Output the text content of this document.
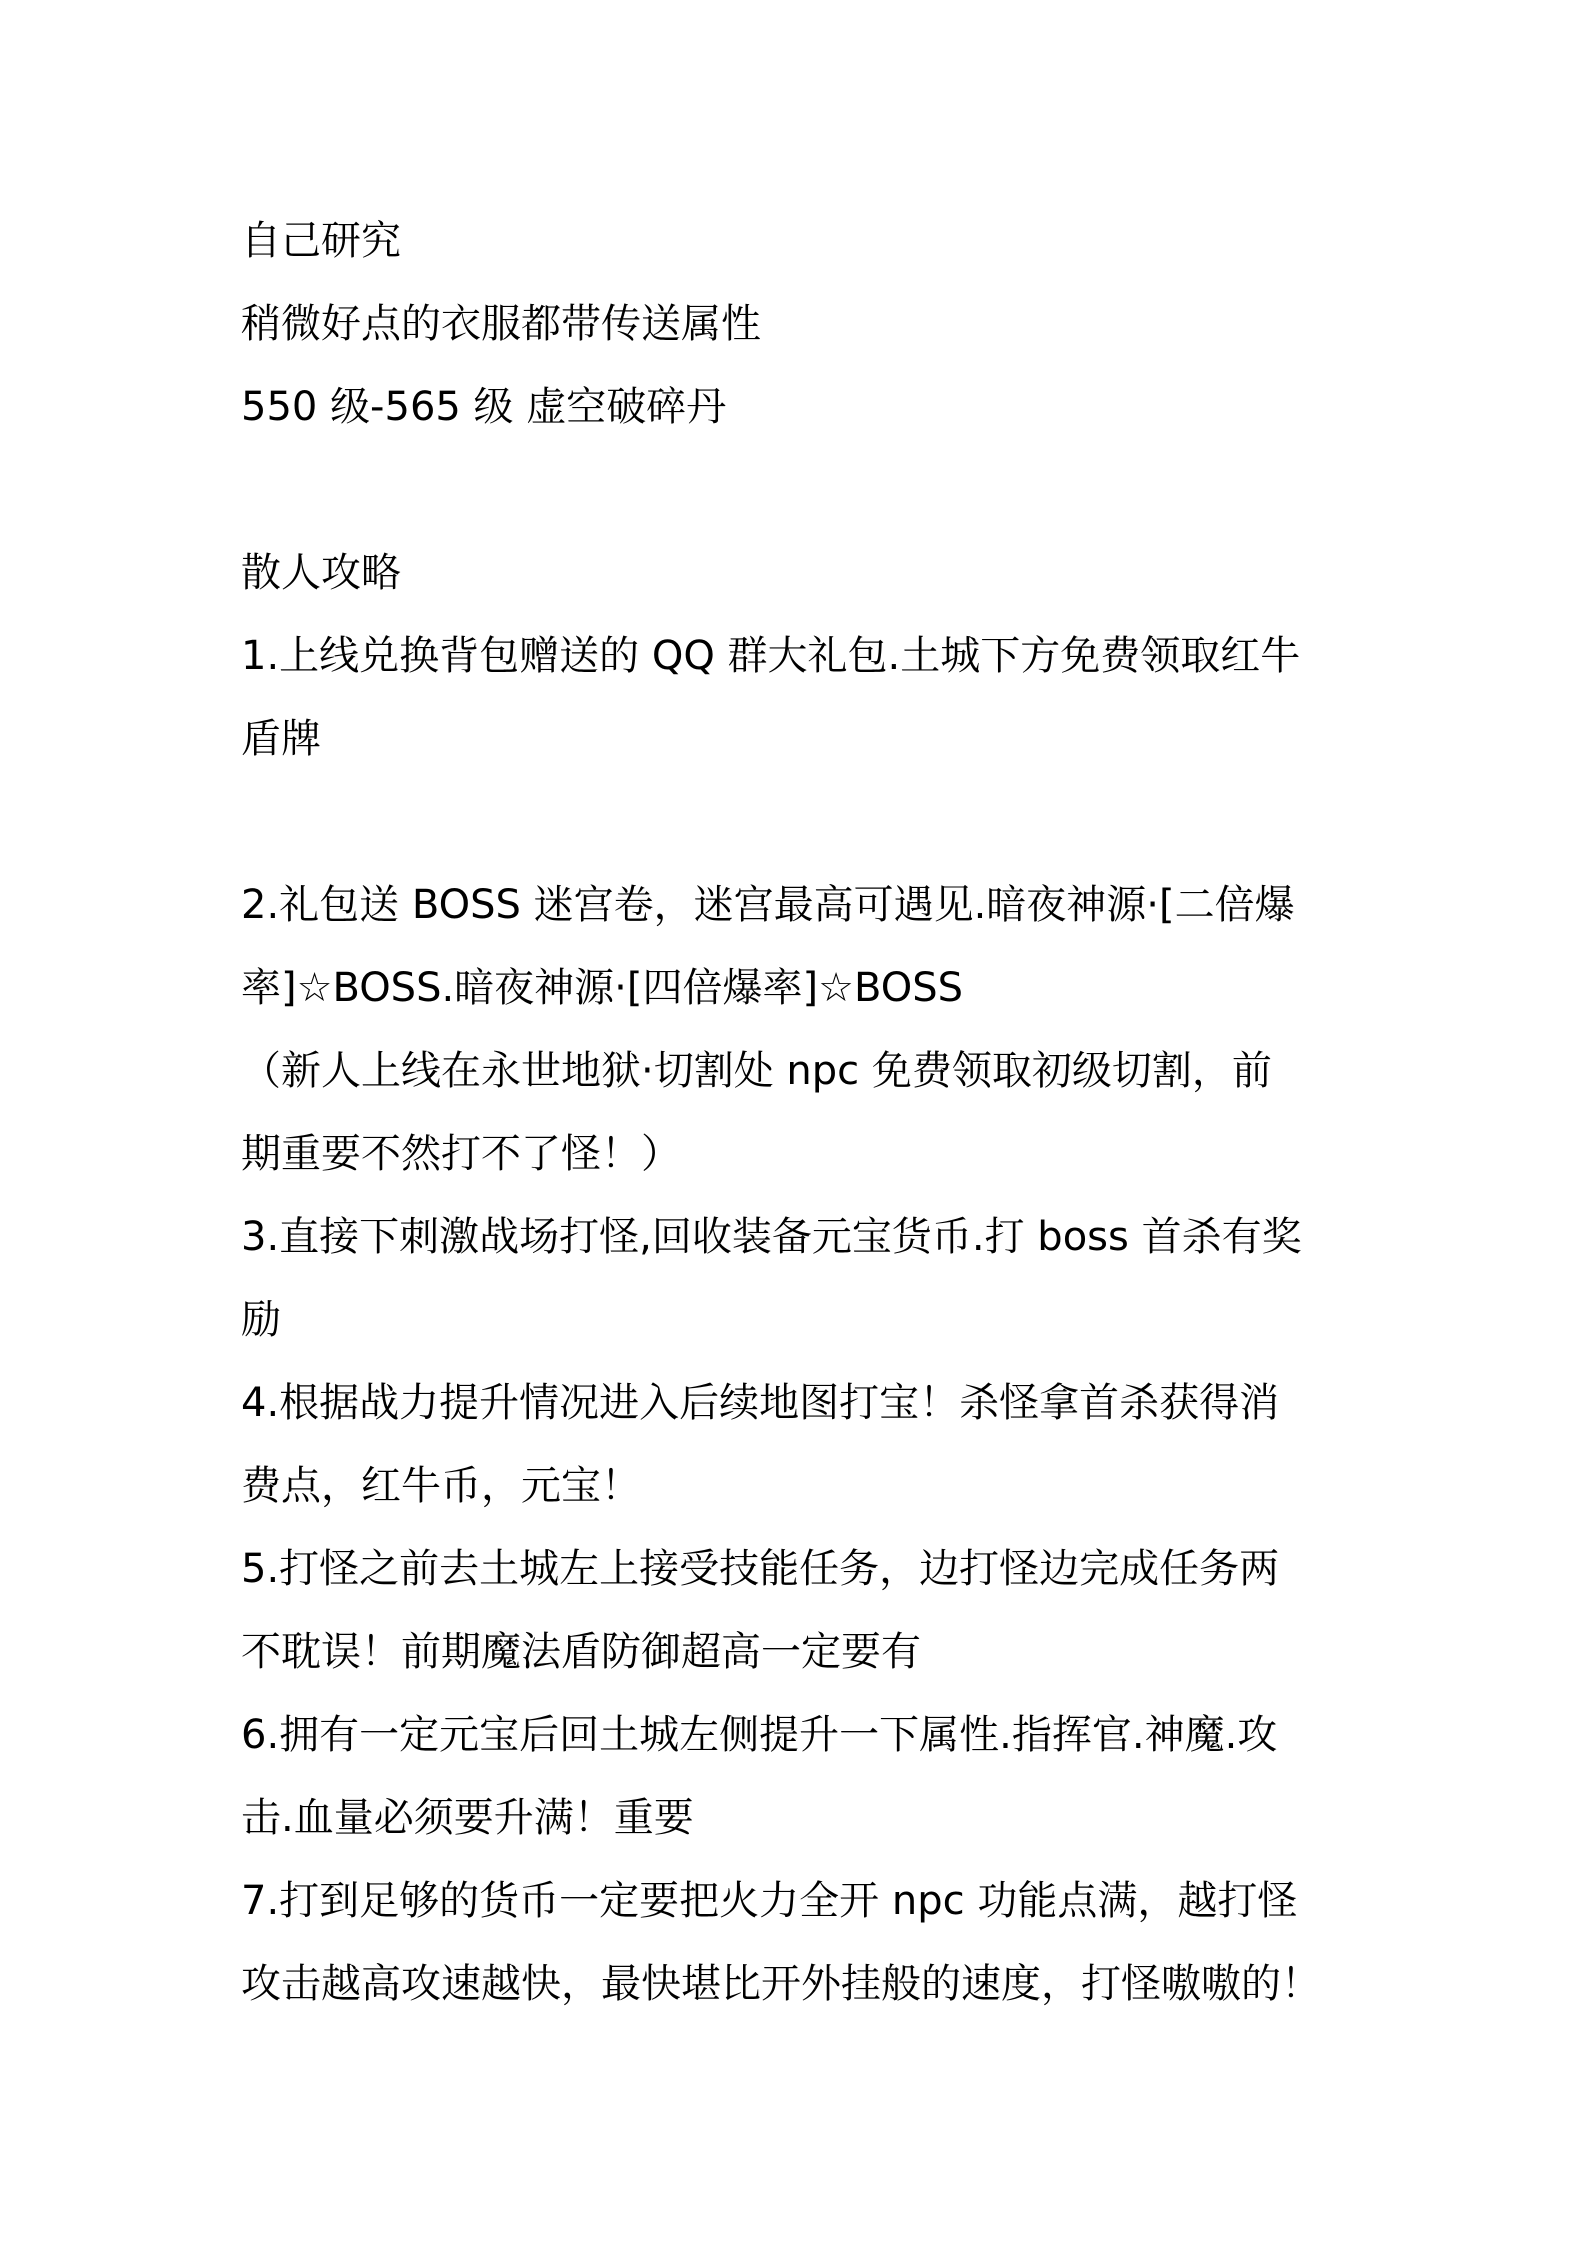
自己研究
稍微好点的衣服都带传送属性
550 级-565 级 虚空破碎丹
散人攻略
1.上线兑换背包赠送的 QQ 群大礼包.土城下方免费领取红牛
盾牌
2.礼包送 BOSS 迷宫卷，迷宫最高可遇见.暗夜神源·[二倍爆
率]☆BOSS.暗夜神源·[四倍爆率]☆BOSS
（新人上线在永世地狱·切割处 npc 免费领取初级切割，前
期重要不然打不了怪！）
3.直接下刺激战场打怪,回收装备元宝货币.打 boss 首杀有奖
励
4.根据战力提升情况进入后续地图打宝！杀怪拿首杀获得消
费点，红牛币，元宝！
5.打怪之前去土城左上接受技能任务，边打怪边完成任务两
不耽误！前期魔法盾防御超高一定要有
6.拥有一定元宝后回土城左侧提升一下属性.指挥官.神魔.攻
击.血量必须要升满！重要
7.打到足够的货币一定要把火力全开 npc 功能点满，越打怪
攻击越高攻速越快，最快堪比开外挂般的速度，打怪嗷嗷的！
